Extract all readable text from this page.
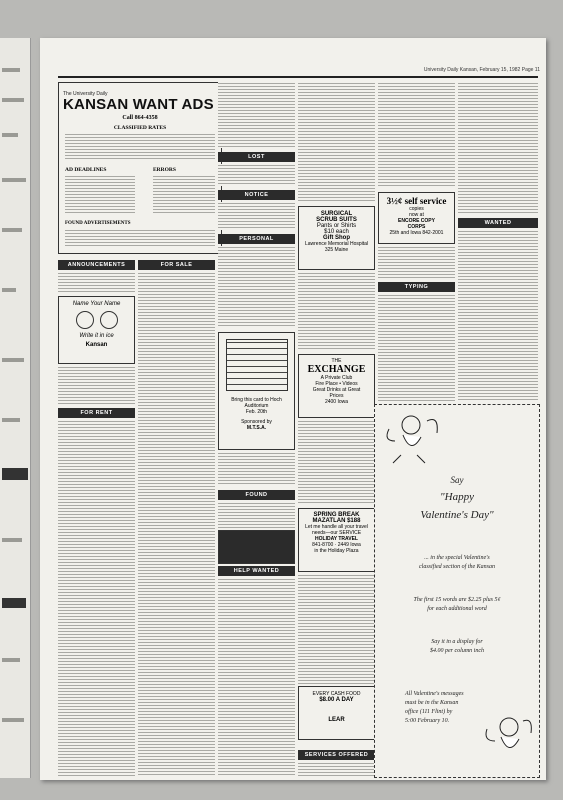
University Daily Kansan, February 15, 1982 Page 11
The University Daily
KANSAN WANT ADS
Call 864-4358
CLASSIFIED RATES
AD DEADLINES	ERRORS
FOUND ADVERTISEMENTS
ANNOUNCEMENTS
Name Your Name
Write it in ice
Kansan
FOR RENT
FOR SALE
LOST
NOTICE
PERSONAL
Bring this card to Hoch Auditorium
Feb. 20th
Sponsored by
M.T.S.A.
FOUND
HELP WANTED
SURGICAL
SCRUB SUITS
Pants or Shirts
$10 each
Gift Shop
Lawrence Memorial Hospital
325 Maine
THE
EXCHANGE
A Private Club
Fire Place • Videos
Great Drinks at Great
Prices
2400 Iowa
SPRING BREAK
MAZATLAN $188
Let me handle all your travel
needs—our SERVICE
HOLIDAY TRAVEL
841-8700 · 2449 Iowa
in the Holiday Plaza
EVERY CASH FOOD
$8.00 A DAY
LEAR
SERVICES OFFERED
3½¢ self service
copies
now at
ENCORE COPY
CORPS
25th and Iowa 842-2001
TYPING
WANTED
Say
"Happy
Valentine's Day"
... in the special Valentine's
classified section of the Kansan
The first 15 words are $2.25 plus 5¢
for each additional word
Say it in a display for
$4.00 per column inch
All Valentine's messages
must be in the Kansan
office (111 Flint) by
5:00 February 10.
